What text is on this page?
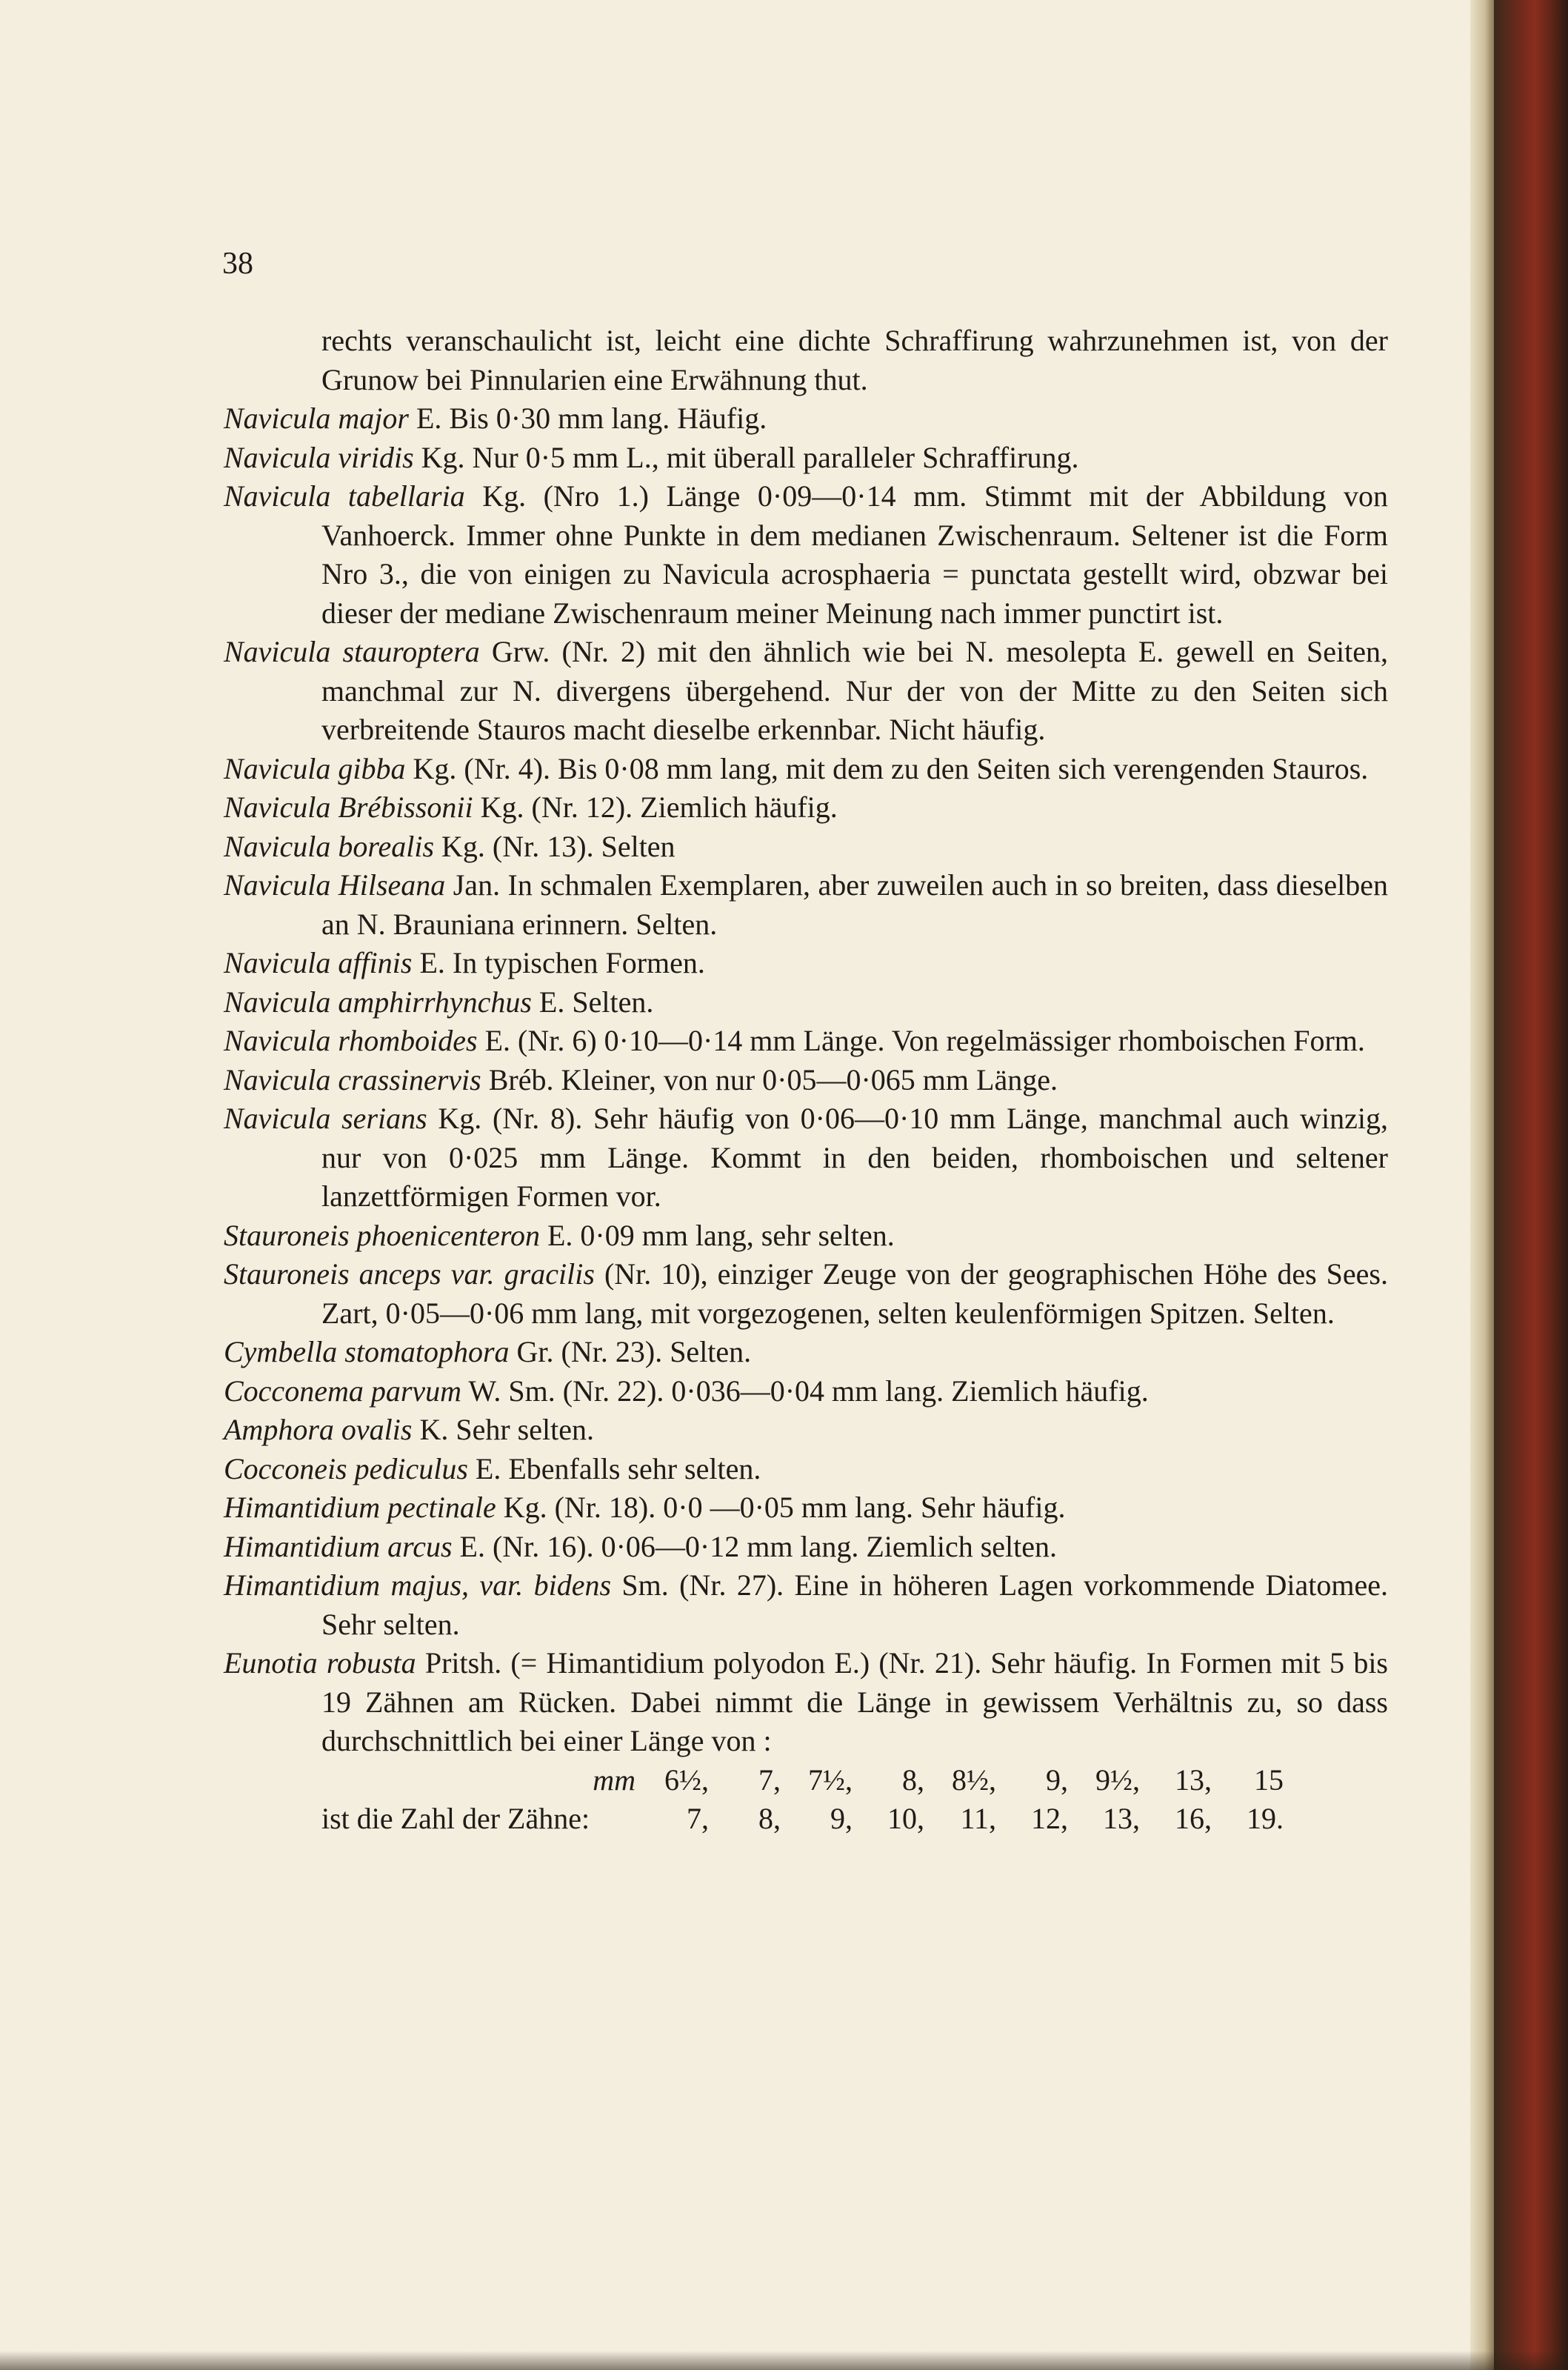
38

rechts veranschaulicht ist, leicht eine dichte Schraffirung wahrzunehmen ist, von der Grunow bei Pinnularien eine Erwähnung thut.

Navicula major E. Bis 0·30 mm lang. Häufig.

Navicula viridis Kg. Nur 0·5 mm L., mit überall paralleler Schraffirung.

Navicula tabellaria Kg. (Nro 1.) Länge 0·09—0·14 mm. Stimmt mit der Abbildung von Vanhoerck. Immer ohne Punkte in dem medianen Zwischenraum. Seltener ist die Form Nro 3., die von einigen zu Navicula acrosphaeria = punctata gestellt wird, obzwar bei dieser der mediane Zwischenraum meiner Meinung nach immer punctirt ist.

Navicula stauroptera Grw. (Nr. 2) mit den ähnlich wie bei N. mesolepta E. gewell en Seiten, manchmal zur N. divergens übergehend. Nur der von der Mitte zu den Seiten sich verbreitende Stauros macht dieselbe erkennbar. Nicht häufig.

Navicula gibba Kg. (Nr. 4). Bis 0·08 mm lang, mit dem zu den Seiten sich verengenden Stauros.

Navicula Brébissonii Kg. (Nr. 12). Ziemlich häufig.

Navicula borealis Kg. (Nr. 13). Selten

Navicula Hilseana Jan. In schmalen Exemplaren, aber zuweilen auch in so breiten, dass dieselben an N. Brauniana erinnern. Selten.

Navicula affinis E. In typischen Formen.

Navicula amphirrhynchus E. Selten.

Navicula rhomboides E. (Nr. 6) 0·10—0·14 mm Länge. Von regelmässiger rhomboischen Form.

Navicula crassinervis Bréb. Kleiner, von nur 0·05—0·065 mm Länge.

Navicula serians Kg. (Nr. 8). Sehr häufig von 0·06—0·10 mm Länge, manchmal auch winzig, nur von 0·025 mm Länge. Kommt in den beiden, rhomboischen und seltener lanzettförmigen Formen vor.

Stauroneis phoenicenteron E. 0·09 mm lang, sehr selten.

Stauroneis anceps var. gracilis (Nr. 10), einziger Zeuge von der geographischen Höhe des Sees. Zart, 0·05—0·06 mm lang, mit vorgezogenen, selten keulenförmigen Spitzen. Selten.

Cymbella stomatophora Gr. (Nr. 23). Selten.

Cocconema parvum W. Sm. (Nr. 22). 0·036—0·04 mm lang. Ziemlich häufig.

Amphora ovalis K. Sehr selten.

Cocconeis pediculus E. Ebenfalls sehr selten.

Himantidium pectinale Kg. (Nr. 18). 0·0 —0·05 mm lang. Sehr häufig.

Himantidium arcus E. (Nr. 16). 0·06—0·12 mm lang. Ziemlich selten.

Himantidium majus, var. bidens Sm. (Nr. 27). Eine in höheren Lagen vorkommende Diatomee. Sehr selten.

Eunotia robusta Pritsh. (= Himantidium polyodon E.) (Nr. 21). Sehr häufig. In Formen mit 5 bis 19 Zähnen am Rücken. Dabei nimmt die Länge in gewissem Verhältnis zu, so dass durchschnittlich bei einer Länge von :

mm 6½,	7, 7½,	8, 8½,	9, 9½,	13,	15
ist die Zahl der Zähne:	7,	8,	9,	10,	11,	12,	13,	16,	19.
